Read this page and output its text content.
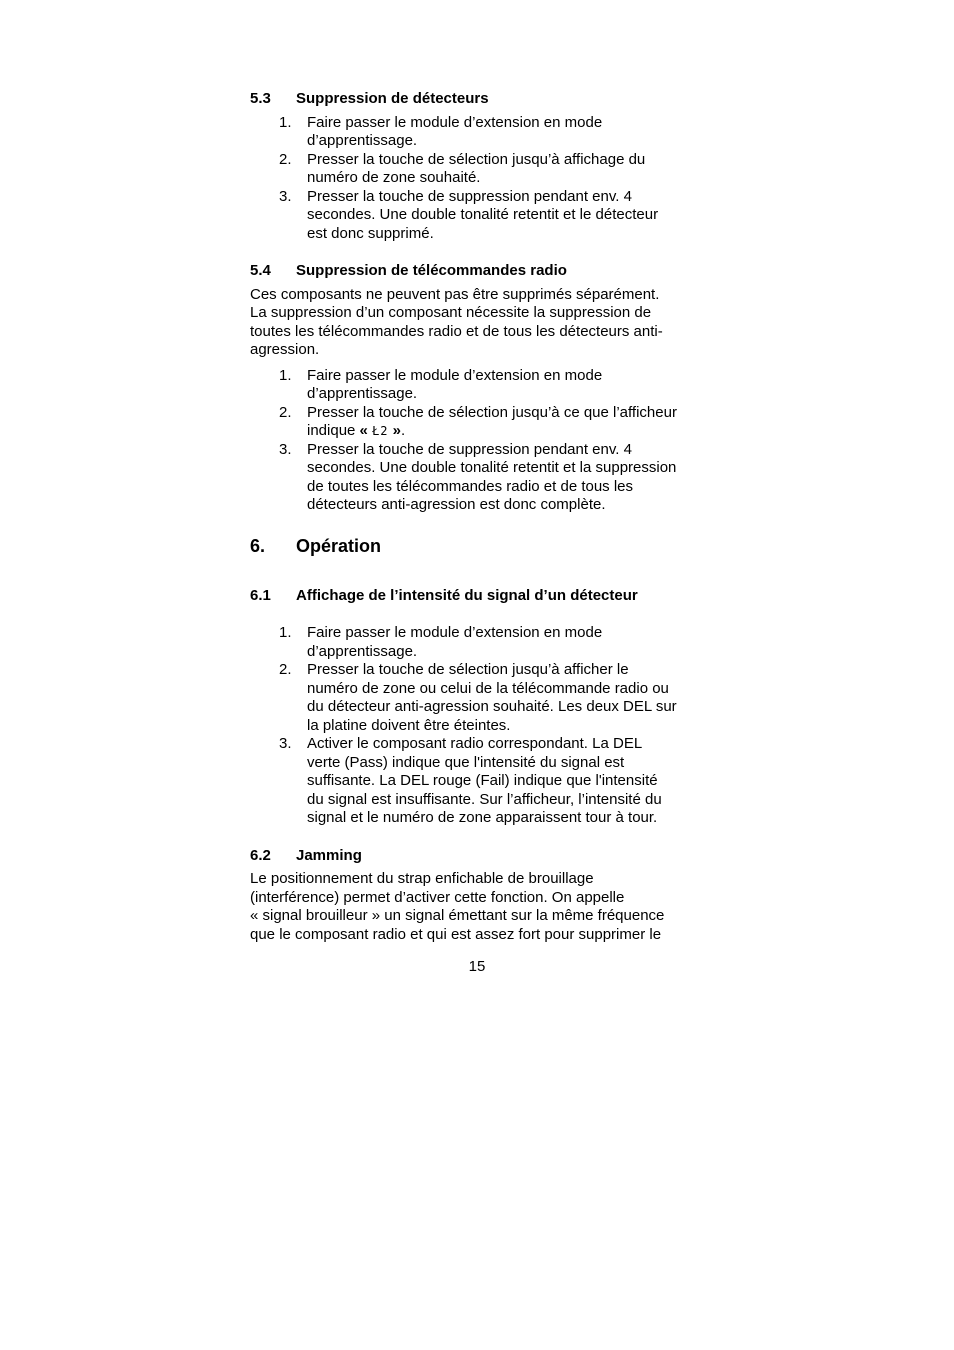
5.3	Suppression de détecteurs
1. Faire passer le module d’extension en mode
d’apprentissage.
2. Presser la touche de sélection jusqu’à affichage du
numéro de zone souhaité.
3. Presser la touche de suppression pendant env. 4
secondes. Une double tonalité retentit et le détecteur
est donc supprimé.
5.4	Suppression de télécommandes radio
Ces composants ne peuvent pas être supprimés séparément.
La suppression d’un composant nécessite la suppression de
toutes les télécommandes radio et de tous les détecteurs anti-
agression.
1. Faire passer le module d’extension en mode
d’apprentissage.
2. Presser la touche de sélection jusqu’à ce que l’afficheur
indique « Ł2 ».
3. Presser la touche de suppression pendant env. 4
secondes. Une double tonalité retentit et la suppression
de toutes les télécommandes radio et de tous les
détecteurs anti-agression est donc complète.
6.	Opération
6.1	Affichage de l’intensité du signal d’un détecteur
1. Faire passer le module d’extension en mode
d’apprentissage.
2. Presser la touche de sélection jusqu’à afficher le
numéro de zone ou celui de la télécommande radio ou
du détecteur anti-agression souhaité. Les deux DEL sur
la platine doivent être éteintes.
3. Activer le composant radio correspondant. La DEL
verte (Pass) indique que l'intensité du signal est
suffisante. La DEL rouge (Fail) indique que l'intensité
du signal est insuffisante. Sur l’afficheur, l’intensité du
signal et le numéro de zone apparaissent tour à tour.
6.2	Jamming
Le positionnement du strap enfichable de brouillage
(interférence) permet d’activer cette fonction. On appelle
« signal brouilleur » un signal émettant sur la même fréquence
que le composant radio et qui est assez fort pour supprimer le
15
